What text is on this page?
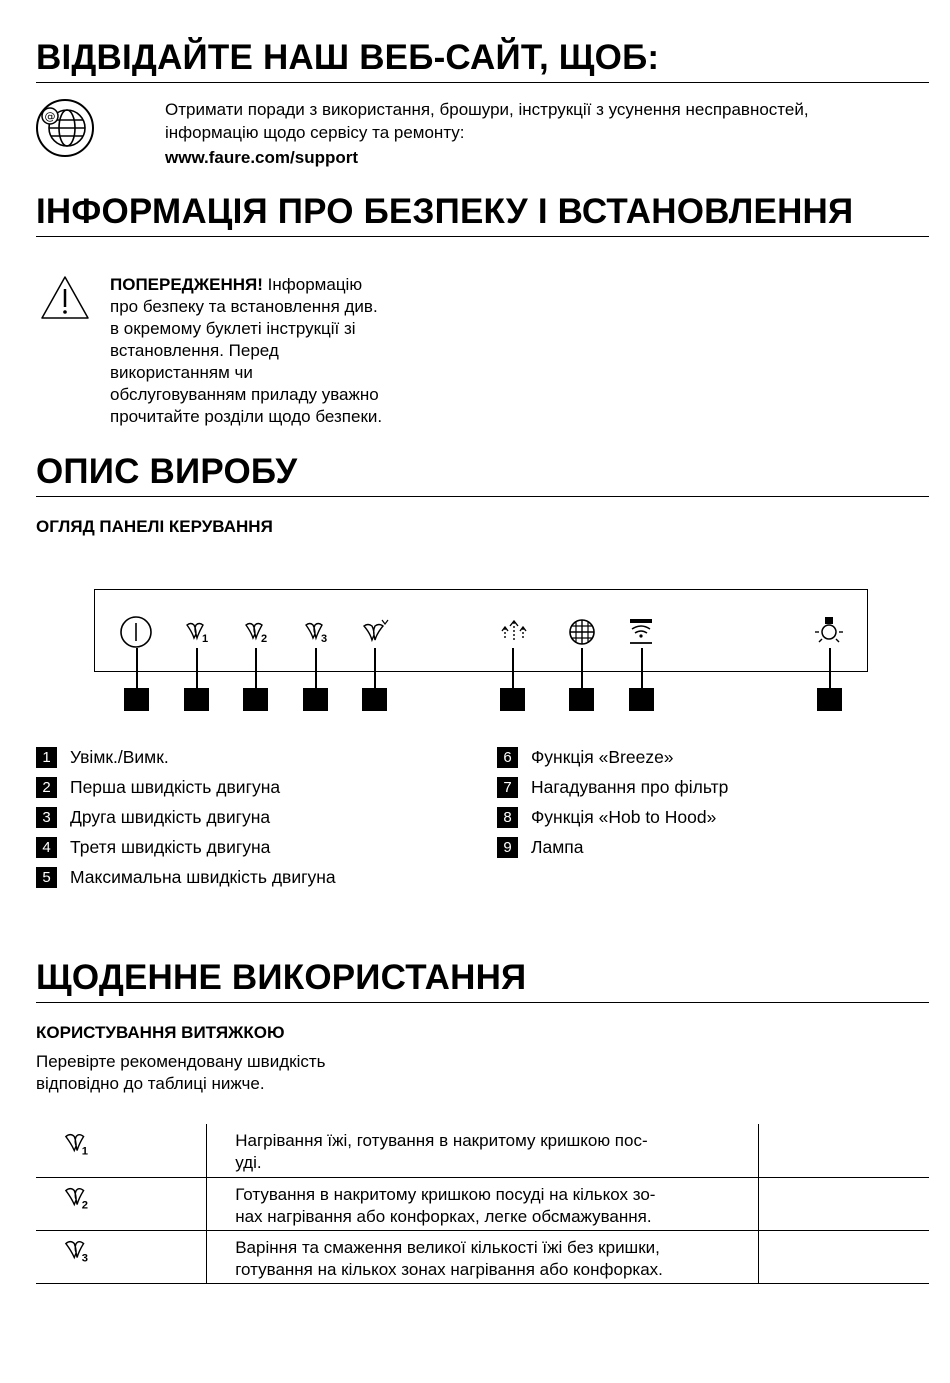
ВІДВІДАЙТЕ НАШ ВЕБ-САЙТ, ЩОБ:
@	Отримати поради з використання, брошури, інструкції з усунення несправностей,
інформацію щодо сервісу та ремонту:
www.faure.com/support
ІНФОРМАЦІЯ ПРО БЕЗПЕКУ І ВСТАНОВЛЕННЯ
ПОПЕРЕДЖЕННЯ! Інформацію
про безпеку та встановлення див.
в окремому буклеті інструкції зі
встановлення. Перед
використанням чи
обслуговуванням приладу уважно
прочитайте розділи щодо безпеки.
ОПИС ВИРОБУ
ОГЛЯД ПАНЕЛІ КЕРУВАННЯ
1	2	3
1	Увімк./Вимк.
2	Перша швидкість двигуна
3	Друга швидкість двигуна
4	Третя швидкість двигуна
5	Максимальна швидкість двигуна
6	Функція «Breeze»
7	Нагадування про фільтр
8	Функція «Hob to Hood»
9	Лампа
ЩОДЕННЕ ВИКОРИСТАННЯ
КОРИСТУВАННЯ ВИТЯЖКОЮ
Перевірте рекомендовану швидкість
відповідно до таблиці нижче.
1	Нагрівання їжі, готування в накритому кришкою пос-
уді.	

2	Готування в накритому кришкою посуді на кількох зо-
нах нагрівання або конфорках, легке обсмажування.	

3	Варіння та смаження великої кількості їжі без кришки,
готування на кількох зонах нагрівання або конфорках.	
